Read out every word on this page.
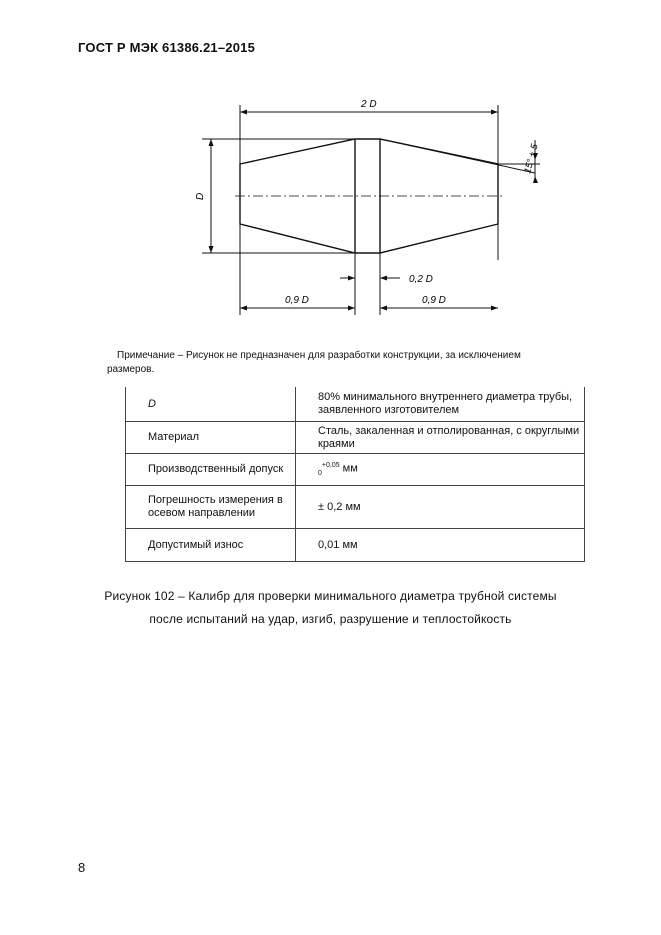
ГОСТ Р МЭК 61386.21–2015
2 D
D
15° ± 5
0,2 D
0,9 D	0,9 D
Примечание – Рисунок не предназначен для разработки конструкции, за исключением
размеров.
D	80% минимального внутреннего диаметра трубы, заявленного изготовителем
Материал	Сталь, закаленная и отполированная, с округлыми краями
Производственный допуск	$_0^{+0,05}$ мм
Погрешность измерения в осевом направлении	± 0,2 мм
Допустимый износ	0,01 мм
Рисунок 102 – Калибр для проверки минимального диаметра трубной системы
после испытаний на удар, изгиб, разрушение и теплостойкость
8
